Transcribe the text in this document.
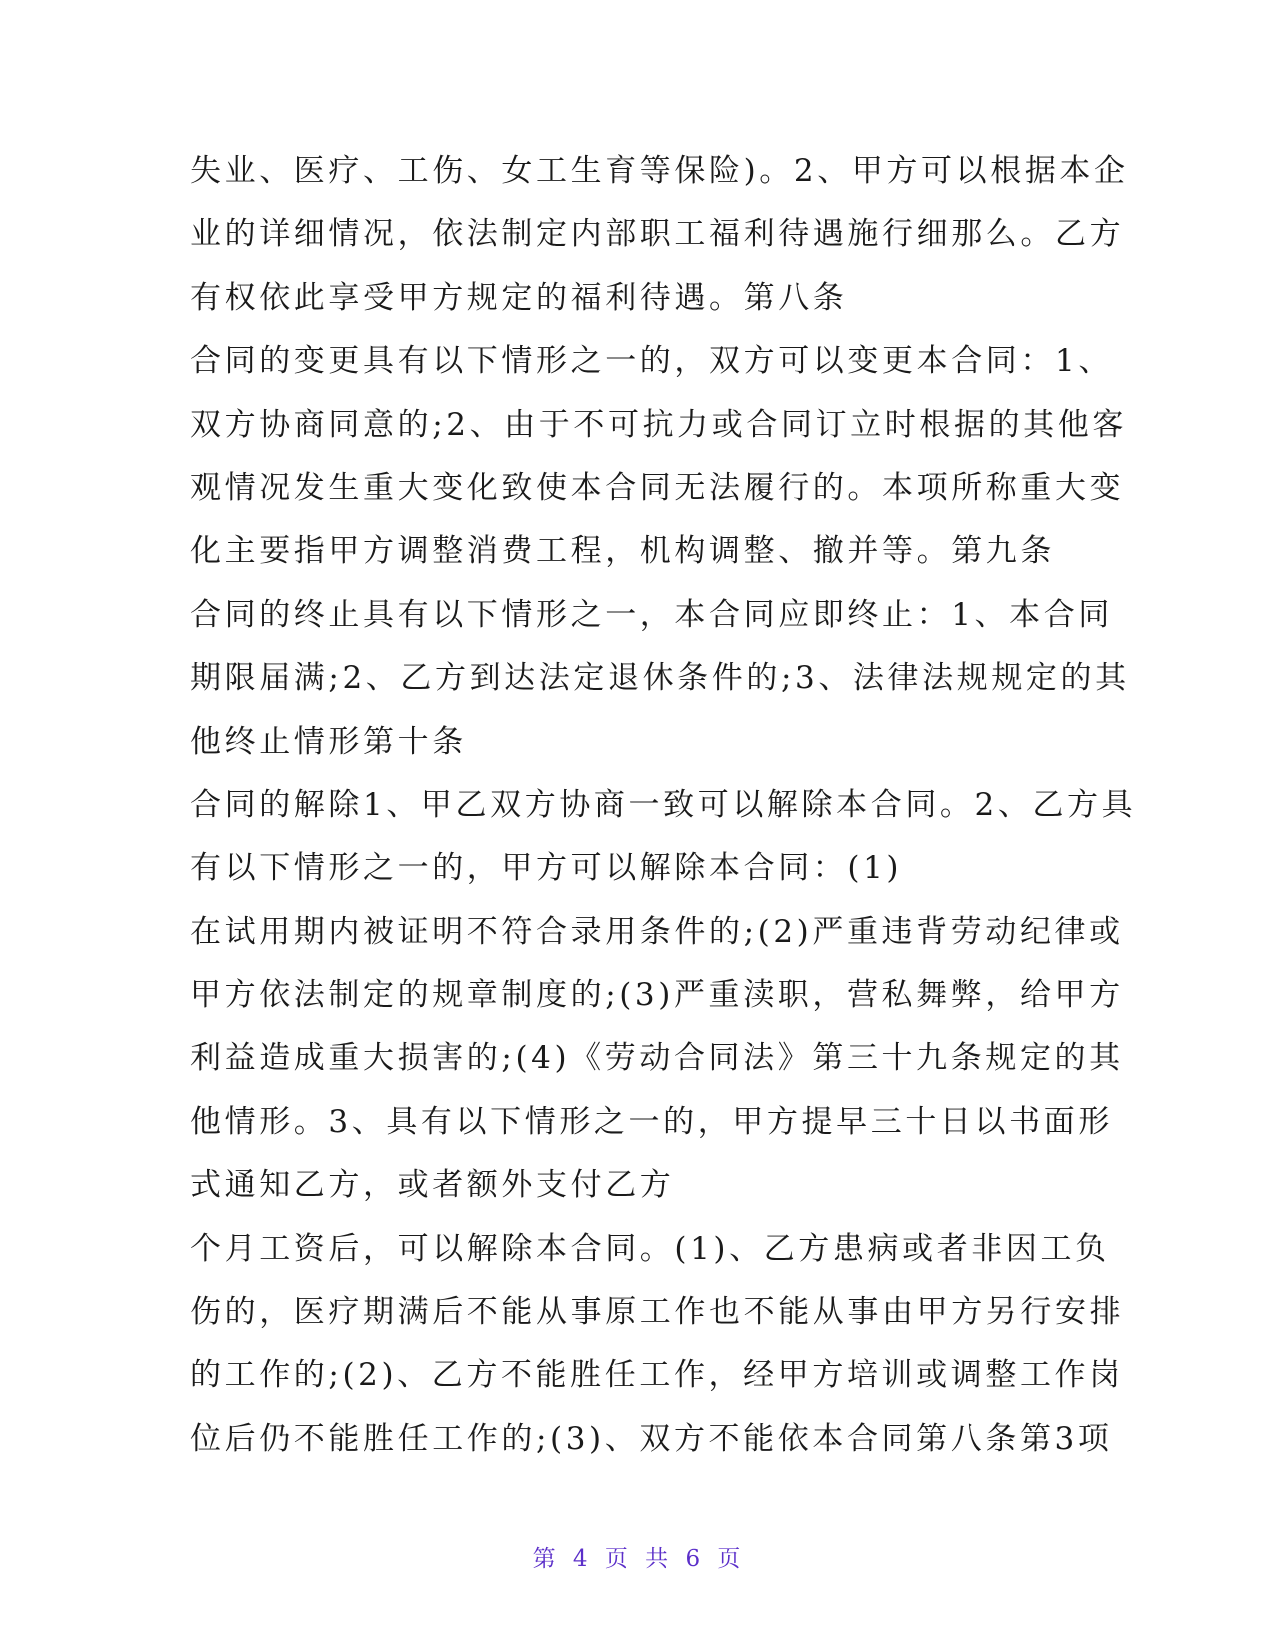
失业、医疗、工伤、女工生育等保险)。2、甲方可以根据本企
业的详细情况，依法制定内部职工福利待遇施行细那么。乙方
有权依此享受甲方规定的福利待遇。第八条
合同的变更具有以下情形之一的，双方可以变更本合同：1、
双方协商同意的;2、由于不可抗力或合同订立时根据的其他客
观情况发生重大变化致使本合同无法履行的。本项所称重大变
化主要指甲方调整消费工程，机构调整、撤并等。第九条
合同的终止具有以下情形之一，本合同应即终止：1、本合同
期限届满;2、乙方到达法定退休条件的;3、法律法规规定的其
他终止情形第十条
合同的解除1、甲乙双方协商一致可以解除本合同。2、乙方具
有以下情形之一的，甲方可以解除本合同：(1)
在试用期内被证明不符合录用条件的;(2)严重违背劳动纪律或
甲方依法制定的规章制度的;(3)严重渎职，营私舞弊，给甲方
利益造成重大损害的;(4)《劳动合同法》第三十九条规定的其
他情形。3、具有以下情形之一的，甲方提早三十日以书面形
式通知乙方，或者额外支付乙方
个月工资后，可以解除本合同。(1)、乙方患病或者非因工负
伤的，医疗期满后不能从事原工作也不能从事由甲方另行安排
的工作的;(2)、乙方不能胜任工作，经甲方培训或调整工作岗
位后仍不能胜任工作的;(3)、双方不能依本合同第八条第3项
第 4 页 共 6 页
